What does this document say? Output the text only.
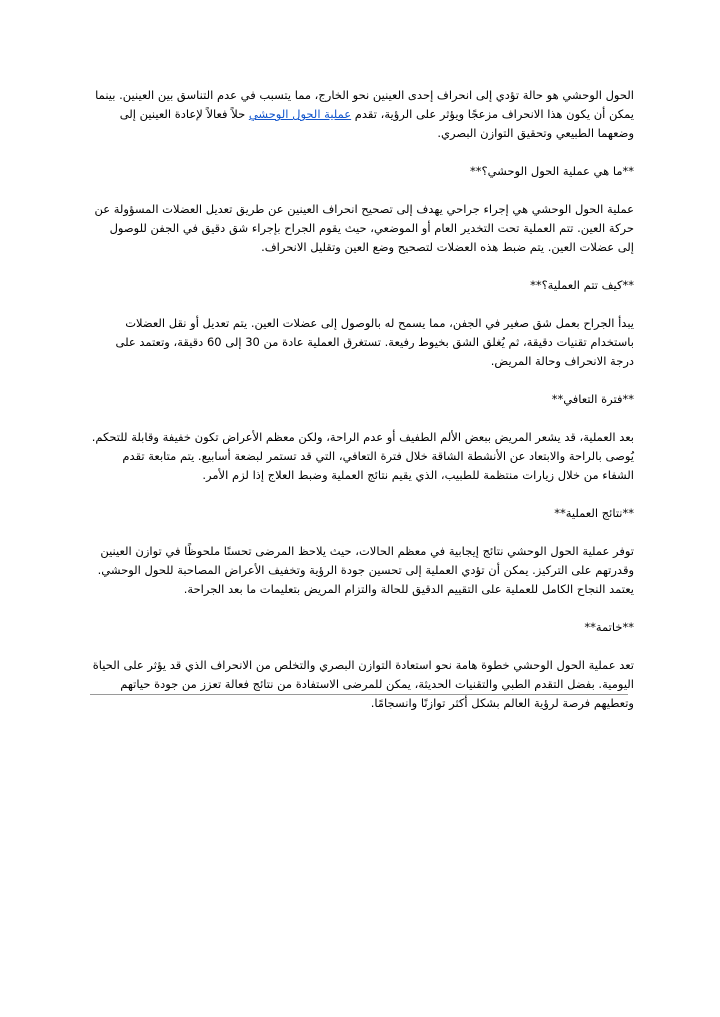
الحول الوحشي هو حالة تؤدي إلى انحراف إحدى العينين نحو الخارج، مما يتسبب في عدم التناسق بين العينين. بينما يمكن أن يكون هذا الانحراف مزعجًا ويؤثر على الرؤية، تقدم عملية الحول الوحشي حلاً فعالاً لإعادة العينين إلى وضعهما الطبيعي وتحقيق التوازن البصري.

**ما هي عملية الحول الوحشي؟**

عملية الحول الوحشي هي إجراء جراحي يهدف إلى تصحيح انحراف العينين عن طريق تعديل العضلات المسؤولة عن حركة العين. تتم العملية تحت التخدير العام أو الموضعي، حيث يقوم الجراح بإجراء شق دقيق في الجفن للوصول إلى عضلات العين. يتم ضبط هذه العضلات لتصحيح وضع العين وتقليل الانحراف.

**كيف تتم العملية؟**

يبدأ الجراح بعمل شق صغير في الجفن، مما يسمح له بالوصول إلى عضلات العين. يتم تعديل أو نقل العضلات باستخدام تقنيات دقيقة، ثم يُغلق الشق بخيوط رفيعة. تستغرق العملية عادة من 30 إلى 60 دقيقة، وتعتمد على درجة الانحراف وحالة المريض.

**فترة التعافي**

بعد العملية، قد يشعر المريض ببعض الألم الطفيف أو عدم الراحة، ولكن معظم الأعراض تكون خفيفة وقابلة للتحكم. يُوصى بالراحة والابتعاد عن الأنشطة الشاقة خلال فترة التعافي، التي قد تستمر لبضعة أسابيع. يتم متابعة تقدم الشفاء من خلال زيارات منتظمة للطبيب، الذي يقيم نتائج العملية وضبط العلاج إذا لزم الأمر.

**نتائج العملية**

توفر عملية الحول الوحشي نتائج إيجابية في معظم الحالات، حيث يلاحظ المرضى تحسنًا ملحوظًا في توازن العينين وقدرتهم على التركيز. يمكن أن تؤدي العملية إلى تحسين جودة الرؤية وتخفيف الأعراض المصاحبة للحول الوحشي. يعتمد النجاح الكامل للعملية على التقييم الدقيق للحالة والتزام المريض بتعليمات ما بعد الجراحة.

**خاتمة**

تعد عملية الحول الوحشي خطوة هامة نحو استعادة التوازن البصري والتخلص من الانحراف الذي قد يؤثر على الحياة اليومية. بفضل التقدم الطبي والتقنيات الحديثة، يمكن للمرضى الاستفادة من نتائج فعالة تعزز من جودة حياتهم وتعطيهم فرصة لرؤية العالم بشكل أكثر توازنًا وانسجامًا.
